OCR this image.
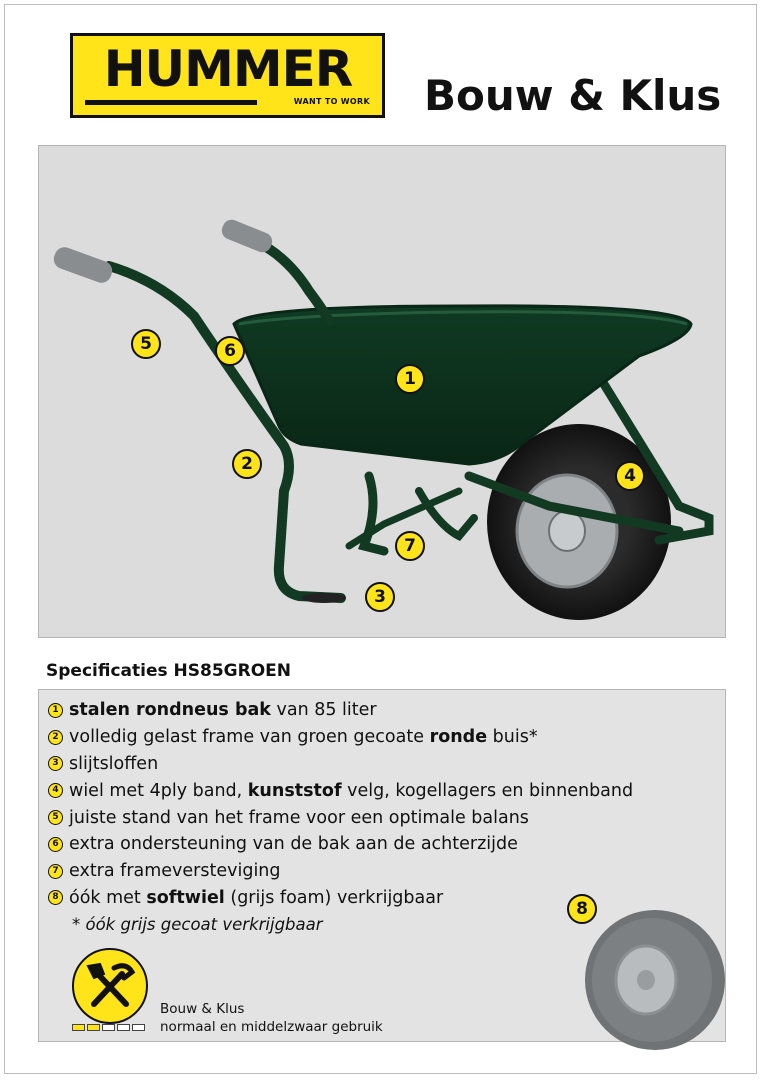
HUMMER
WANT TO WORK Bouw & Klus
1
2
3
4
5	6
7
Specificaties HS85GROEN
1 stalen rondneus bak van 85 liter
2 volledig gelast frame van groen gecoate ronde buis*
3 slijtsloffen
4 wiel met 4ply band, kunststof velg, kogellagers en binnenband
5 juiste stand van het frame voor een optimale balans
6 extra ondersteuning van de bak aan de achterzijde
7 extra frameversteviging
8 óók met softwiel (grijs foam) verkrijgbaar
* óók grijs gecoat verkrijgbaar
Bouw & Klus
normaal en middelzwaar gebruik
8
